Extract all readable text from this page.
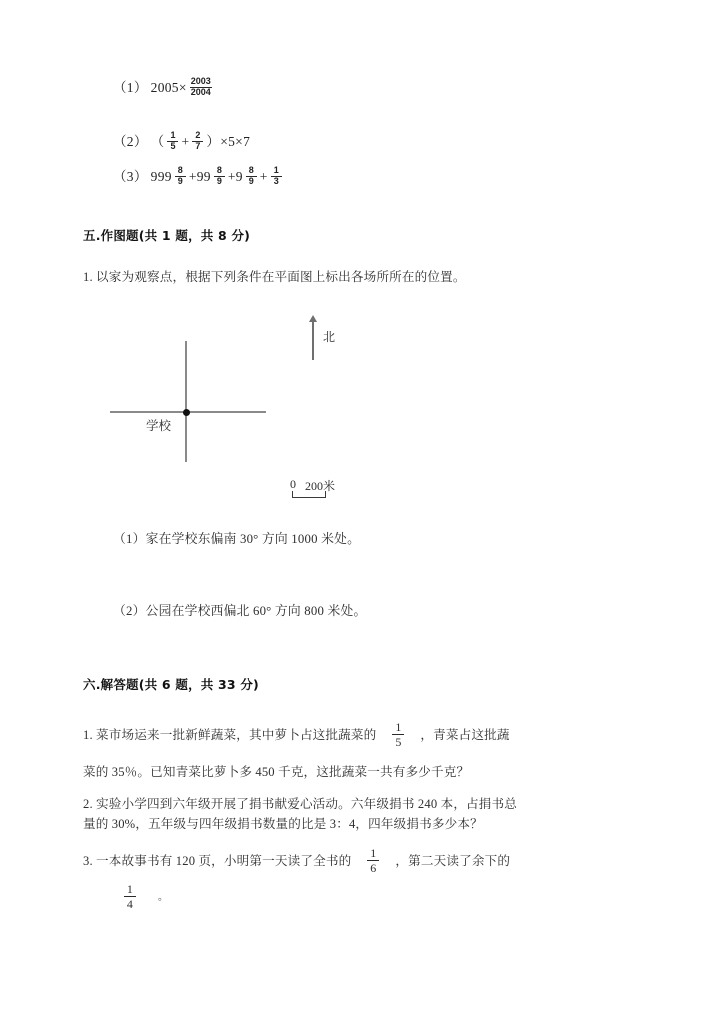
（1） $2005\times \frac{2003}{2004}$
（2） （ $\frac{1}{5} + \frac{2}{7} )\times 5\times 7$
（3） $999 \frac{8}{9} +99 \frac{8}{9} +9 \frac{8}{9} + \frac{1}{3}$
五.作图题(共 1 题，共 8 分)
1. 以家为观察点，根据下列条件在平面图上标出各场所所在的位置。
学校
北
0 200米
（1）家在学校东偏南 30° 方向 1000 米处。
（2）公园在学校西偏北 60° 方向 800 米处。
六.解答题(共 6 题，共 33 分)
1. 菜市场运来一批新鲜蔬菜，其中萝卜占这批蔬菜的 $\frac{1}{5}$ ，青菜占这批蔬
菜的 35％。已知青菜比萝卜多 450 千克，这批蔬菜一共有多少千克？
2. 实验小学四到六年级开展了捐书献爱心活动。六年级捐书 240 本，占捐书总
量的 30%，五年级与四年级捐书数量的比是 3：4，四年级捐书多少本？
3. 一本故事书有 120 页，小明第一天读了全书的 $\frac{1}{6}$ ，第二天读了余下的
$\frac{1}{4}$ 。
